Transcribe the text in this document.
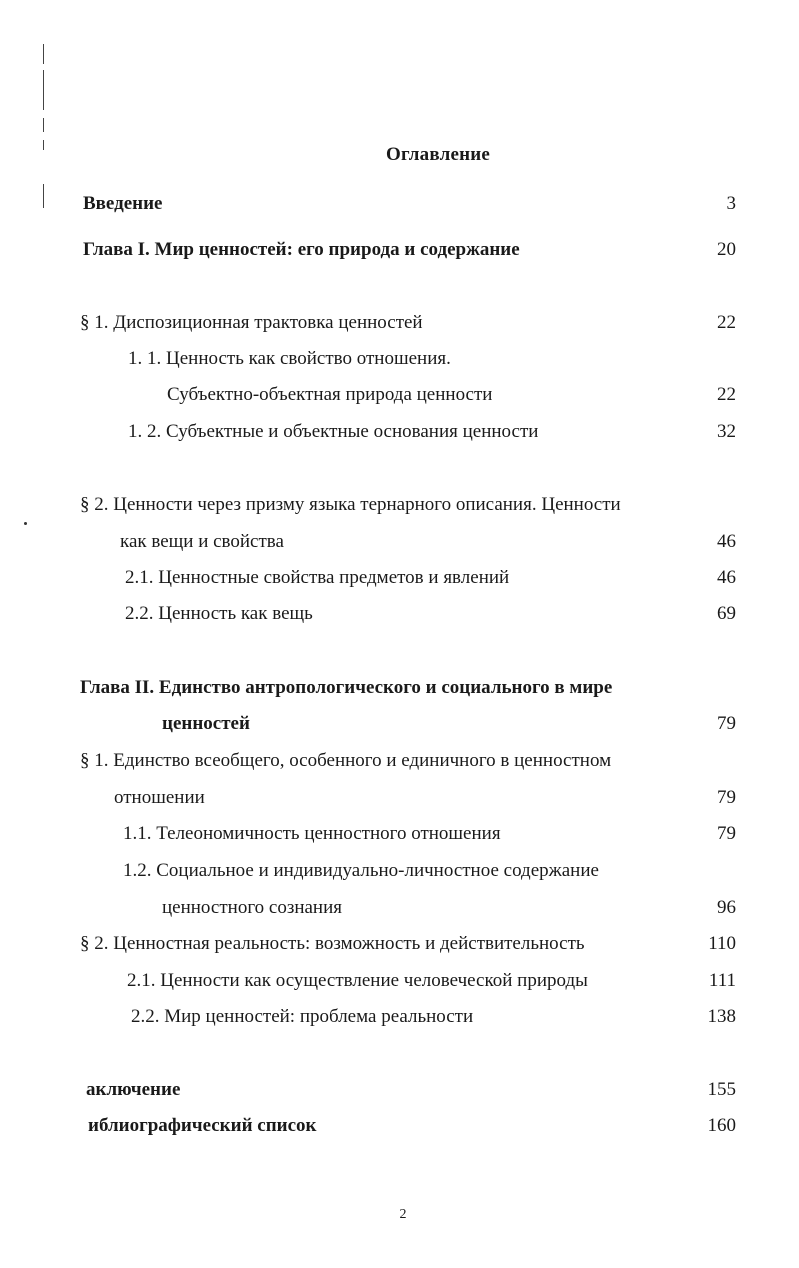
Оглавление
Введение	3
Глава I. Мир ценностей: его природа и содержание	20
§ 1. Диспозиционная трактовка ценностей	22
1. 1. Ценность как свойство отношения.
Субъектно-объектная природа ценности	22
1. 2. Субъектные и объектные основания ценности	32
§ 2. Ценности через призму языка тернарного описания. Ценности
как вещи и свойства	46
2.1. Ценностные свойства предметов и явлений	46
2.2. Ценность как вещь	69
Глава II. Единство антропологического и социального в мире
ценностей	79
§ 1. Единство всеобщего, особенного и единичного в ценностном
отношении	79
1.1. Телеономичность ценностного отношения	79
1.2. Социальное и индивидуально-личностное содержание
ценностного сознания	96
§ 2. Ценностная реальность: возможность и действительность	110
2.1. Ценности как осуществление человеческой природы	111
2.2. Мир ценностей: проблема реальности	138
аключение	155
иблиографический список	160
2
